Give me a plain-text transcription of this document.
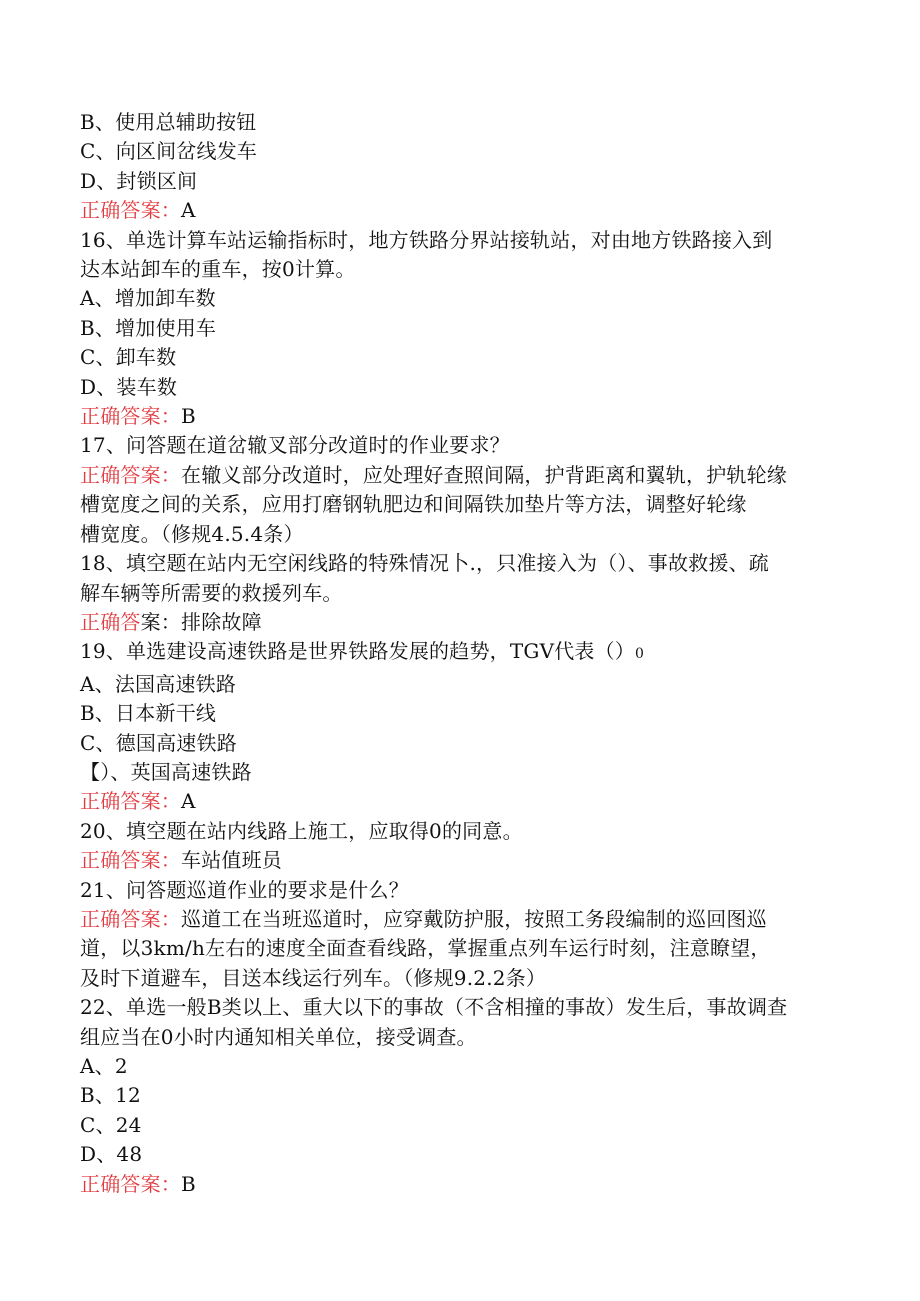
B、使用总辅助按钮
C、向区间岔线发车
D、封锁区间
正确答案：A
16、单选计算车站运输指标时，地方铁路分界站接轨站，对由地方铁路接入到
达本站卸车的重车，按0计算。
A、增加卸车数
B、增加使用车
C、卸车数
D、装车数
正确答案：B
17、问答题在道岔辙叉部分改道时的作业要求？
正确答案：在辙义部分改道时，应处理好查照间隔，护背距离和翼轨，护轨轮缘
槽宽度之间的关系，应用打磨钢轨肥边和间隔铁加垫片等方法，调整好轮缘
槽宽度。（修规4.5.4条）
18、填空题在站内无空闲线路的特殊情况卜.，只准接入为（）、事故救援、疏
解车辆等所需要的救援列车。
正确答案：排除故障
19、单选建设高速铁路是世界铁路发展的趋势，TGV代表（）0
A、法国高速铁路
B、日本新干线
C、德国高速铁路
【）、英国高速铁路
正确答案：A
20、填空题在站内线路上施工，应取得0的同意。
正确答案：车站值班员
21、问答题巡道作业的要求是什么？
正确答案：巡道工在当班巡道时，应穿戴防护服，按照工务段编制的巡回图巡
道，以3km/h左右的速度全面查看线路，掌握重点列车运行时刻，注意瞭望，
及时下道避车，目送本线运行列车。（修规9.2.2条）
22、单选一般B类以上、重大以下的事故（不含相撞的事故）发生后，事故调查
组应当在0小时内通知相关单位，接受调查。
A、2
B、12
C、24
D、48
正确答案：B
